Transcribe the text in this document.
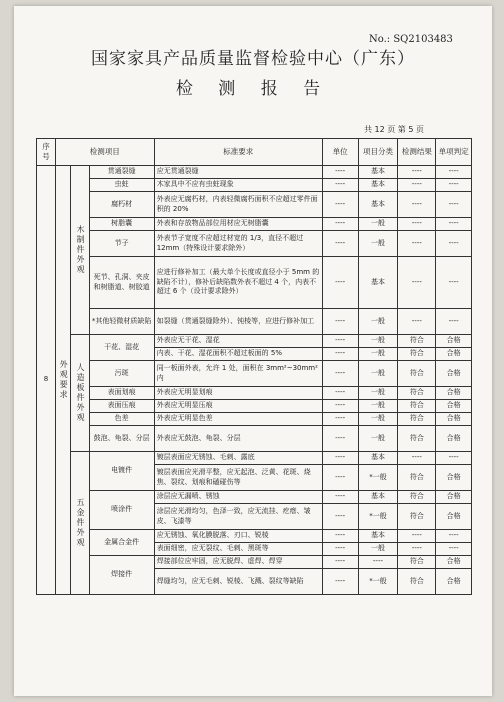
No.: SQ2103483
国家家具产品质量监督检验中心（广东）
检 测 报 告
共 12 页 第 5 页
序号	检测项目			标准要求	单位	项目分类	检测结果	单项判定
8	外观要求	木制件外观	贯通裂缝	应无贯通裂缝	----	基本	----	----
			虫蛀	木家具中不应有虫蛀现象	----	基本	----	----
			腐朽材	外表应无腐朽材，内表轻微腐朽面积不应超过零件面积的 20%	----	基本	----	----
			树脂囊	外表和存放物品部位用材应无树脂囊	----	一般	----	----
			节子	外表节子宽度不应超过材宽的 1/3，直径不超过 12mm（特殊设计要求除外）	----	一般	----	----
			死节、孔洞、夹皮和树脂道、树胶道	应进行修补加工（最大单个长度或直径小于 5mm 的缺陷不计），修补后缺陷数外表不超过 4 个，内表不超过 6 个（设计要求除外）	----	基本	----	----
			*其他轻微材质缺陷	如裂缝（贯通裂缝除外）、钝棱等，应进行修补加工	----	一般	----	----
		人造板件外观	干花、湿花	外表应无干花、湿花	----	一般	符合	合格
				内表、干花、湿花面积不超过板面的 5%	----	一般	符合	合格
			污斑	同一板面外表，允许 1 处，面积在 3mm²~30mm² 内	----	一般	符合	合格
			表面划痕	外表应无明显划痕	----	一般	符合	合格
			表面压痕	外表应无明显压痕	----	一般	符合	合格
			色差	外表应无明显色差	----	一般	符合	合格
			鼓泡、龟裂、分层	外表应无鼓泡、龟裂、分层	----	一般	符合	合格
		五金件外观	电镀件	镀层表面应无锈蚀、毛刺、露底	----	基本	----	----
				镀层表面应光滑平整，应无起泡、泛黄、花斑、烧焦、裂纹、划痕和磕碰伤等	----	*一般	符合	合格
			喷涂件	涂层应无漏喷、锈蚀	----	基本	符合	合格
				涂层应光滑均匀，色泽一致，应无流挂、疙瘩、皱皮、飞漆等	----	*一般	符合	合格
			金属合金件	应无锈蚀、氧化膜脱落、刃口、锐棱	----	基本	----	----
				表面细密，应无裂纹、毛刺、黑斑等	----	一般	----	----
			焊接件	焊接部位应牢固，应无脱焊、虚焊、焊穿	----	----	符合	合格
				焊缝均匀，应无毛刺、锐棱、飞溅、裂纹等缺陷	----	*一般	符合	合格
